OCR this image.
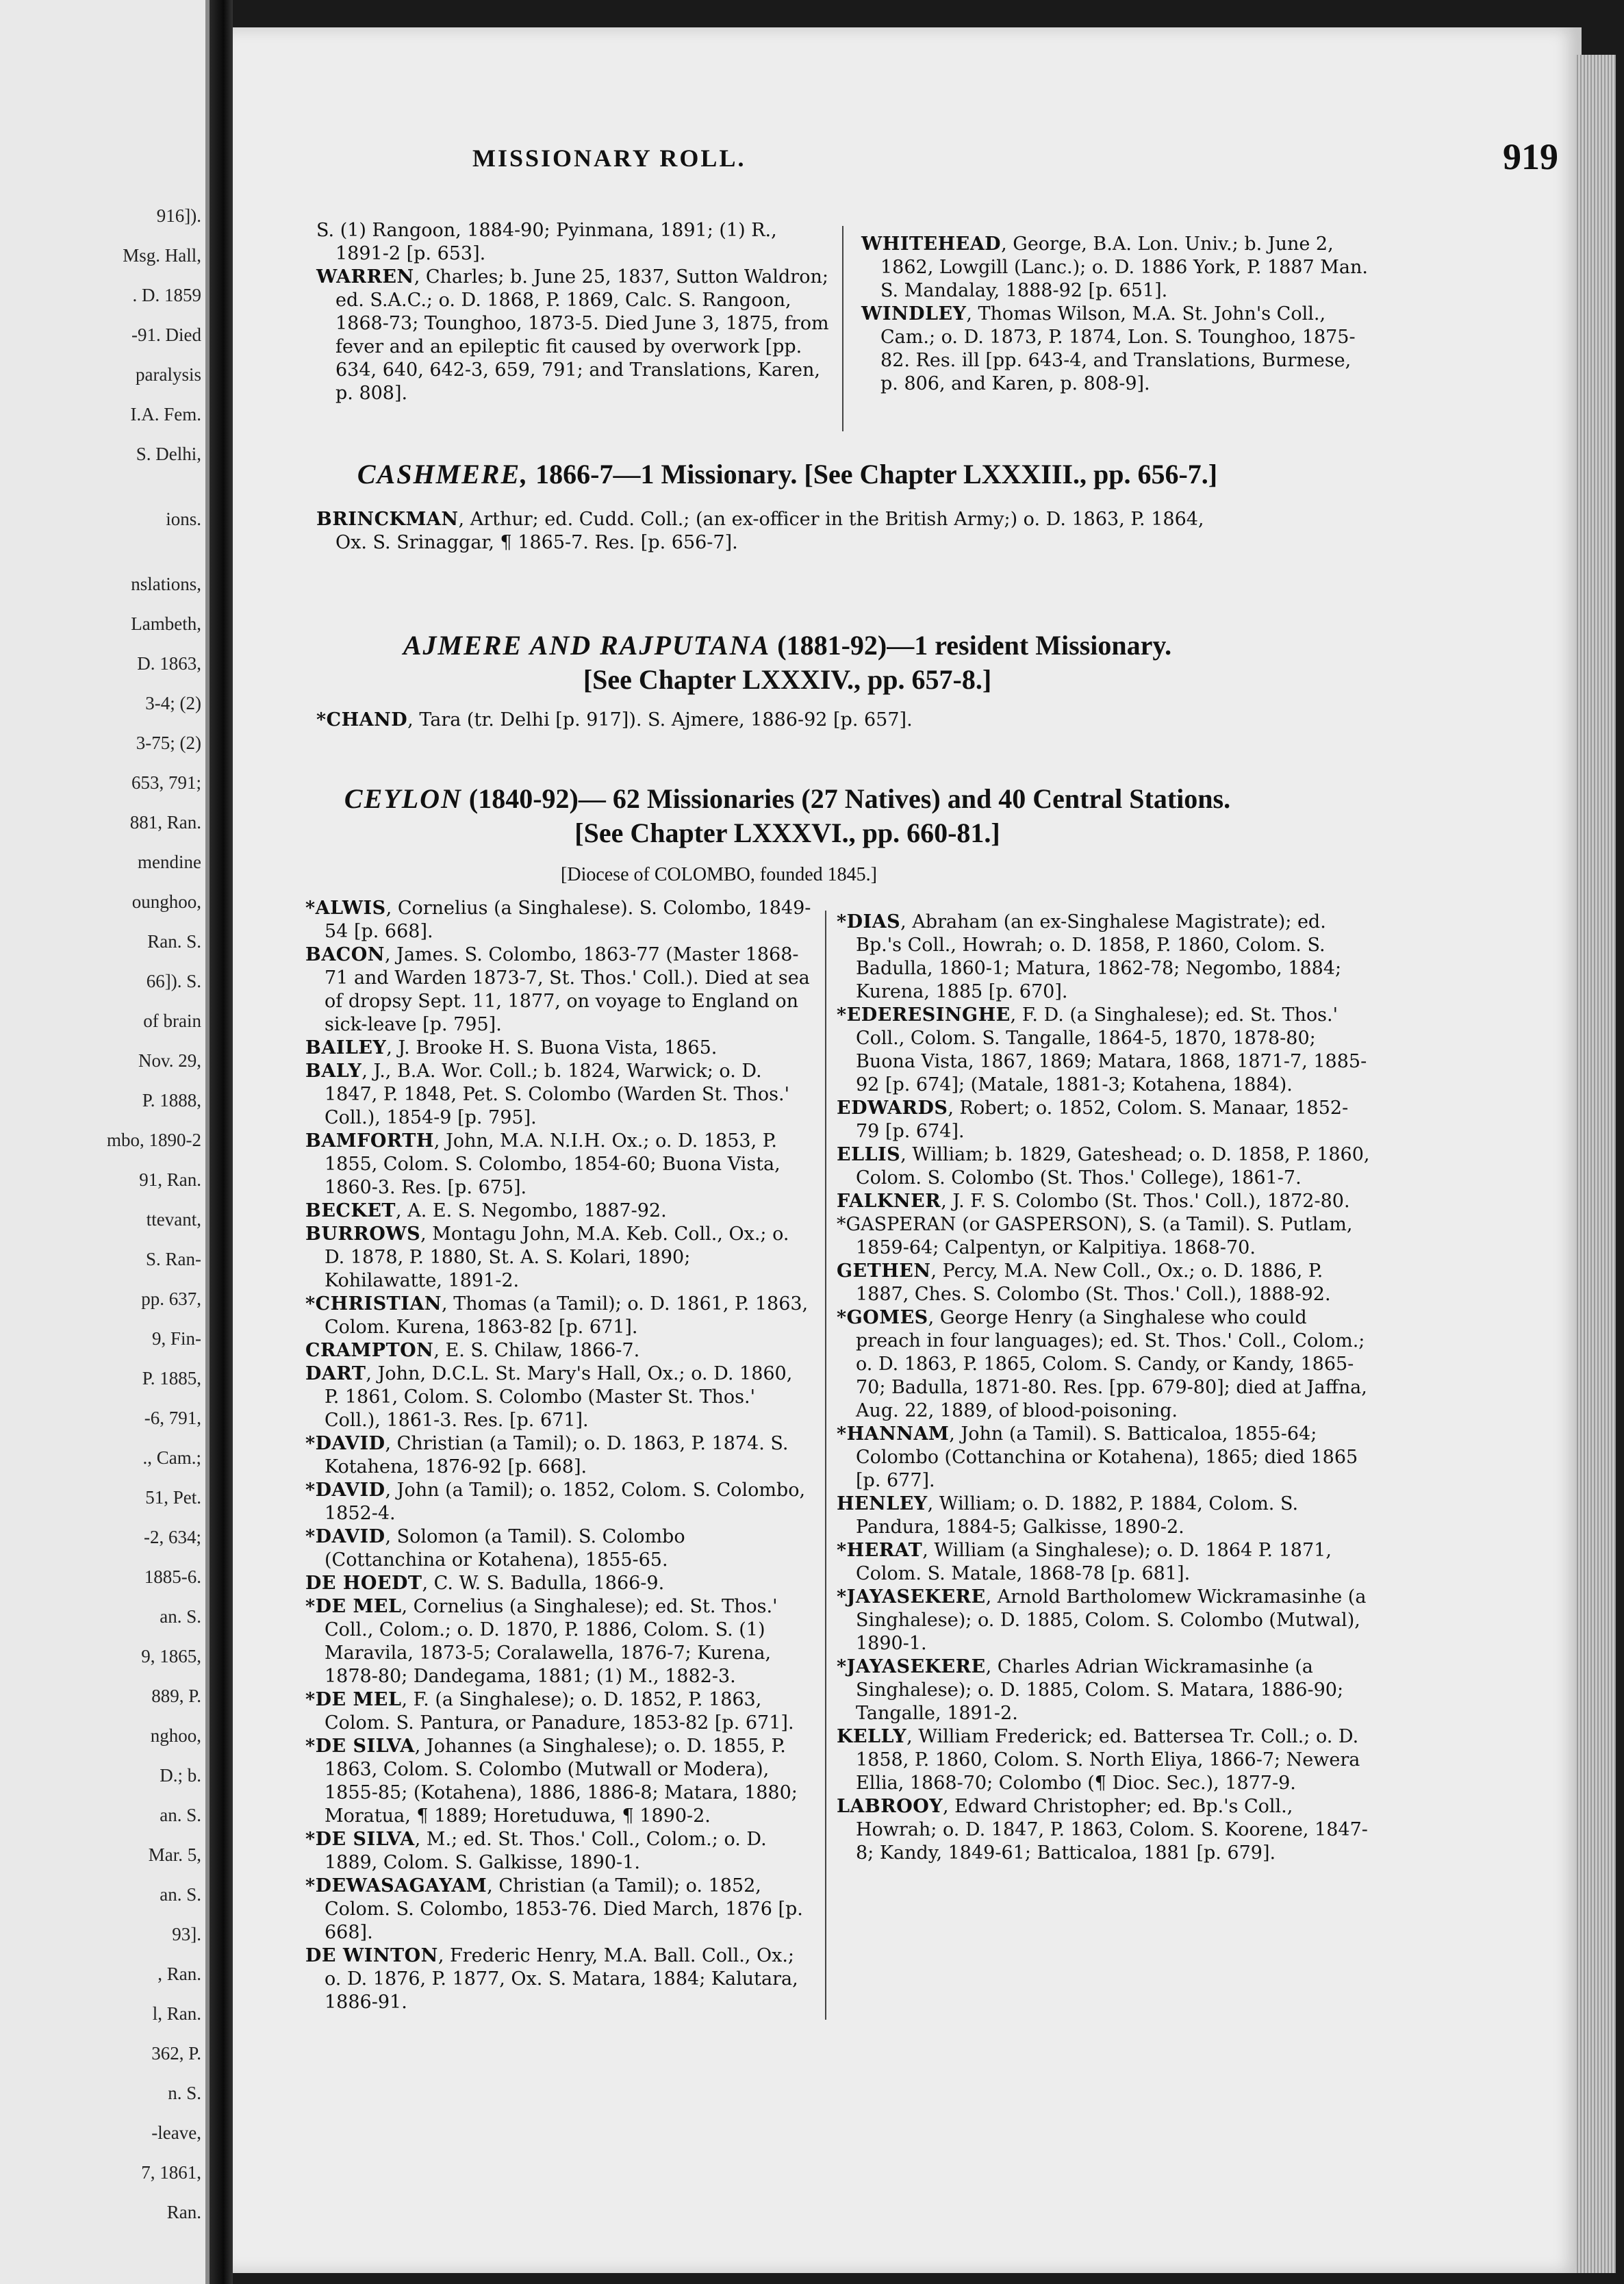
916]).
Msg. Hall,
. D. 1859
-91. Died
paralysis
I.A. Fem.
S. Delhi,
ions.
nslations,
Lambeth,
D. 1863,
3-4; (2)
3-75; (2)
653, 791;
881, Ran.
mendine
ounghoo,
Ran. S.
66]). S.
of brain
Nov. 29,
P. 1888,
mbo, 1890-2
91, Ran.
ttevant,
S. Ran-
pp. 637,
9, Fin-
P. 1885,
-6, 791,
., Cam.;
51, Pet.
-2, 634;
1885-6.
an. S.
9, 1865,
889, P.
nghoo,
D.; b.
an. S.
Mar. 5,
an. S.
93].
, Ran.
l, Ran.
362, P.
n. S.
-leave,
7, 1861,
Ran.
MISSIONARY ROLL.	919

S. (1) Rangoon, 1884-90; Pyinmana, 1891; (1) R., 1891-2 [p. 653].

WARREN, Charles; b. June 25, 1837, Sutton Waldron; ed. S.A.C.; o. D. 1868, P. 1869, Calc. S. Rangoon, 1868-73; Tounghoo, 1873-5. Died June 3, 1875, from fever and an epileptic fit caused by overwork [pp. 634, 640, 642-3, 659, 791; and Translations, Karen, p. 808].

WHITEHEAD, George, B.A. Lon. Univ.; b. June 2, 1862, Lowgill (Lanc.); o. D. 1886 York, P. 1887 Man. S. Mandalay, 1888-92 [p. 651].

WINDLEY, Thomas Wilson, M.A. St. John's Coll., Cam.; o. D. 1873, P. 1874, Lon. S. Tounghoo, 1875-82. Res. ill [pp. 643-4, and Translations, Burmese, p. 806, and Karen, p. 808-9].

CASHMERE, 1866-7—1 Missionary. [See Chapter LXXXIII., pp. 656-7.]
BRINCKMAN, Arthur; ed. Cudd. Coll.; (an ex-officer in the British Army;) o. D. 1863, P. 1864,
Ox. S. Srinaggar, ¶ 1865-7. Res. [p. 656-7].
AJMERE AND RAJPUTANA (1881-92)—1 resident Missionary.
[See Chapter LXXXIV., pp. 657-8.]
*CHAND, Tara (tr. Delhi [p. 917]). S. Ajmere, 1886-92 [p. 657].
CEYLON (1840-92)— 62 Missionaries (27 Natives) and 40 Central Stations.
[See Chapter LXXXVI., pp. 660-81.]
[Diocese of COLOMBO, founded 1845.]

*ALWIS, Cornelius (a Singhalese). S. Colombo, 1849-54 [p. 668].

BACON, James. S. Colombo, 1863-77 (Master 1868-71 and Warden 1873-7, St. Thos.' Coll.). Died at sea of dropsy Sept. 11, 1877, on voyage to England on sick-leave [p. 795].

BAILEY, J. Brooke H. S. Buona Vista, 1865.

BALY, J., B.A. Wor. Coll.; b. 1824, Warwick; o. D. 1847, P. 1848, Pet. S. Colombo (Warden St. Thos.' Coll.), 1854-9 [p. 795].

BAMFORTH, John, M.A. N.I.H. Ox.; o. D. 1853, P. 1855, Colom. S. Colombo, 1854-60; Buona Vista, 1860-3. Res. [p. 675].

BECKET, A. E. S. Negombo, 1887-92.

BURROWS, Montagu John, M.A. Keb. Coll., Ox.; o. D. 1878, P. 1880, St. A. S. Kolari, 1890; Kohilawatte, 1891-2.

*CHRISTIAN, Thomas (a Tamil); o. D. 1861, P. 1863, Colom. Kurena, 1863-82 [p. 671].

CRAMPTON, E. S. Chilaw, 1866-7.

DART, John, D.C.L. St. Mary's Hall, Ox.; o. D. 1860, P. 1861, Colom. S. Colombo (Master St. Thos.' Coll.), 1861-3. Res. [p. 671].

*DAVID, Christian (a Tamil); o. D. 1863, P. 1874. S. Kotahena, 1876-92 [p. 668].

*DAVID, John (a Tamil); o. 1852, Colom. S. Colombo, 1852-4.

*DAVID, Solomon (a Tamil). S. Colombo (Cottanchina or Kotahena), 1855-65.

DE HOEDT, C. W. S. Badulla, 1866-9.

*DE MEL, Cornelius (a Singhalese); ed. St. Thos.' Coll., Colom.; o. D. 1870, P. 1886, Colom. S. (1) Maravila, 1873-5; Coralawella, 1876-7; Kurena, 1878-80; Dandegama, 1881; (1) M., 1882-3.

*DE MEL, F. (a Singhalese); o. D. 1852, P. 1863, Colom. S. Pantura, or Panadure, 1853-82 [p. 671].

*DE SILVA, Johannes (a Singhalese); o. D. 1855, P. 1863, Colom. S. Colombo (Mutwall or Modera), 1855-85; (Kotahena), 1886, 1886-8; Matara, 1880; Moratua, ¶ 1889; Horetuduwa, ¶ 1890-2.

*DE SILVA, M.; ed. St. Thos.' Coll., Colom.; o. D. 1889, Colom. S. Galkisse, 1890-1.

*DEWASAGAYAM, Christian (a Tamil); o. 1852, Colom. S. Colombo, 1853-76. Died March, 1876 [p. 668].

DE WINTON, Frederic Henry, M.A. Ball. Coll., Ox.; o. D. 1876, P. 1877, Ox. S. Matara, 1884; Kalutara, 1886-91.

*DIAS, Abraham (an ex-Singhalese Magistrate); ed. Bp.'s Coll., Howrah; o. D. 1858, P. 1860, Colom. S. Badulla, 1860-1; Matura, 1862-78; Negombo, 1884; Kurena, 1885 [p. 670].

*EDERESINGHE, F. D. (a Singhalese); ed. St. Thos.' Coll., Colom. S. Tangalle, 1864-5, 1870, 1878-80; Buona Vista, 1867, 1869; Matara, 1868, 1871-7, 1885-92 [p. 674]; (Matale, 1881-3; Kotahena, 1884).

EDWARDS, Robert; o. 1852, Colom. S. Manaar, 1852-79 [p. 674].

ELLIS, William; b. 1829, Gateshead; o. D. 1858, P. 1860, Colom. S. Colombo (St. Thos.' College), 1861-7.

FALKNER, J. F. S. Colombo (St. Thos.' Coll.), 1872-80.

*GASPERAN (or GASPERSON), S. (a Tamil). S. Putlam, 1859-64; Calpentyn, or Kalpitiya. 1868-70.

GETHEN, Percy, M.A. New Coll., Ox.; o. D. 1886, P. 1887, Ches. S. Colombo (St. Thos.' Coll.), 1888-92.

*GOMES, George Henry (a Singhalese who could preach in four languages); ed. St. Thos.' Coll., Colom.; o. D. 1863, P. 1865, Colom. S. Candy, or Kandy, 1865-70; Badulla, 1871-80. Res. [pp. 679-80]; died at Jaffna, Aug. 22, 1889, of blood-poisoning.

*HANNAM, John (a Tamil). S. Batticaloa, 1855-64; Colombo (Cottanchina or Kotahena), 1865; died 1865 [p. 677].

HENLEY, William; o. D. 1882, P. 1884, Colom. S. Pandura, 1884-5; Galkisse, 1890-2.

*HERAT, William (a Singhalese); o. D. 1864 P. 1871, Colom. S. Matale, 1868-78 [p. 681].

*JAYASEKERE, Arnold Bartholomew Wickramasinhe (a Singhalese); o. D. 1885, Colom. S. Colombo (Mutwal), 1890-1.

*JAYASEKERE, Charles Adrian Wickramasinhe (a Singhalese); o. D. 1885, Colom. S. Matara, 1886-90; Tangalle, 1891-2.

KELLY, William Frederick; ed. Battersea Tr. Coll.; o. D. 1858, P. 1860, Colom. S. North Eliya, 1866-7; Newera Ellia, 1868-70; Colombo (¶ Dioc. Sec.), 1877-9.

LABROOY, Edward Christopher; ed. Bp.'s Coll., Howrah; o. D. 1847, P. 1863, Colom. S. Koorene, 1847-8; Kandy, 1849-61; Batticaloa, 1881 [p. 679].
